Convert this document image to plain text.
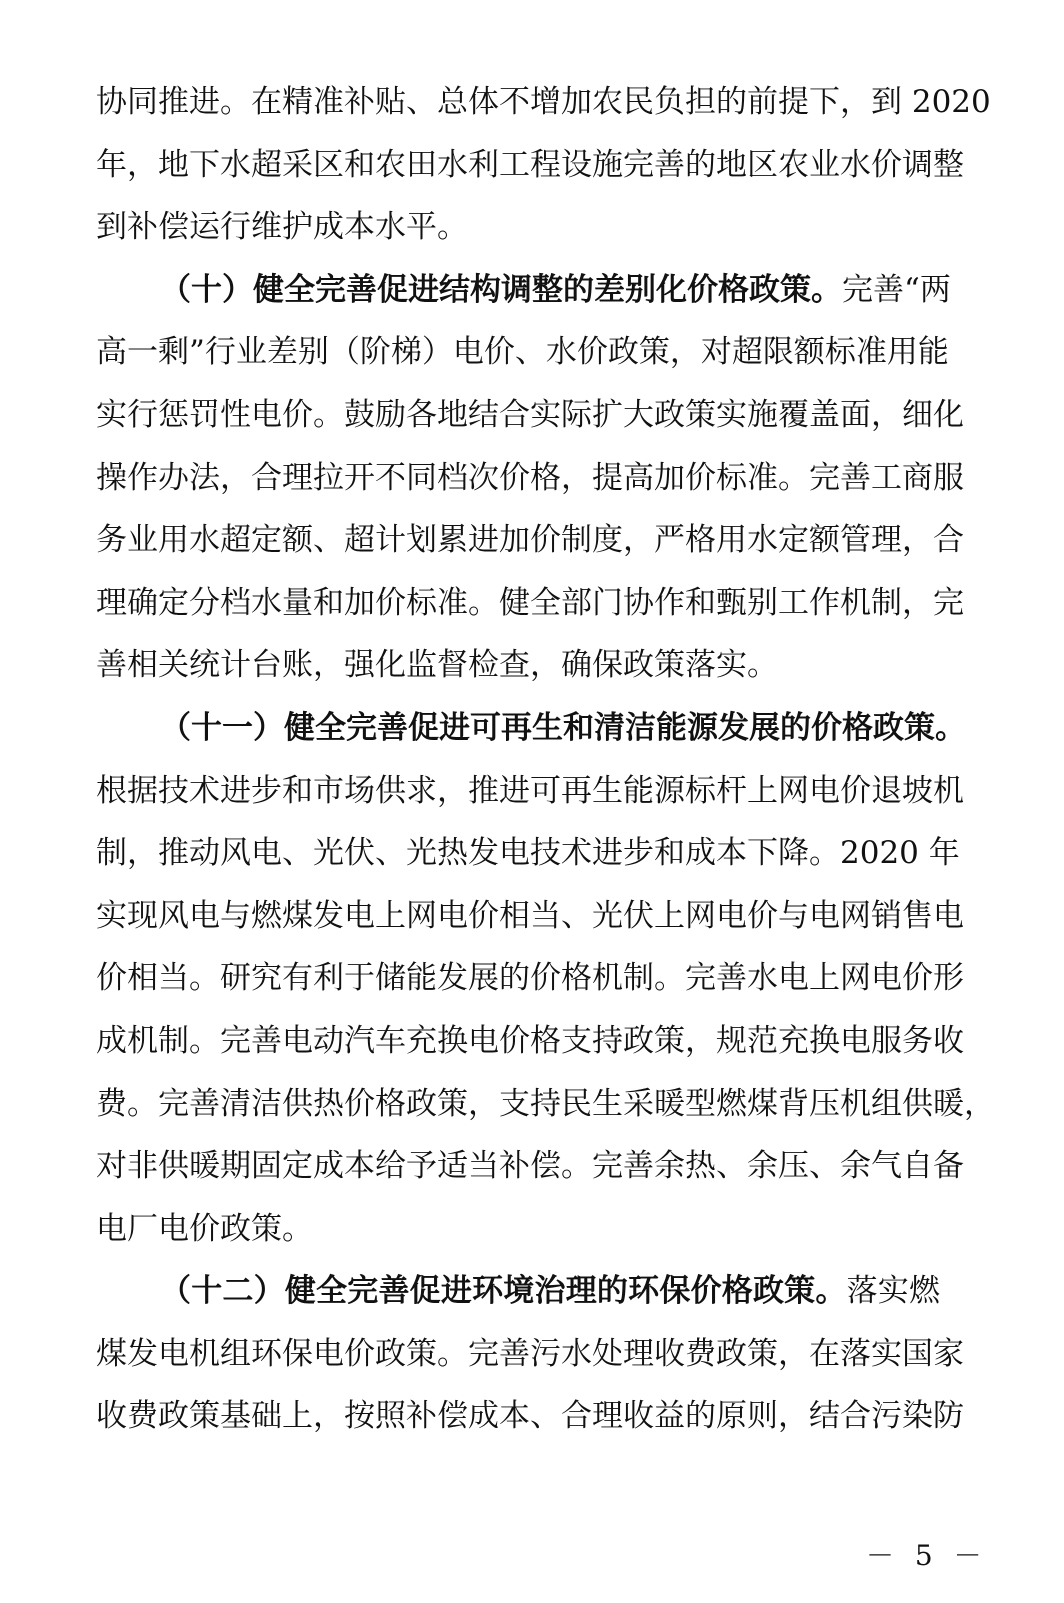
协同推进。在精准补贴、总体不增加农民负担的前提下，到 2020
年，地下水超采区和农田水利工程设施完善的地区农业水价调整
到补偿运行维护成本水平。
（十）健全完善促进结构调整的差别化价格政策。完善“两
高一剩”行业差别（阶梯）电价、水价政策，对超限额标准用能
实行惩罚性电价。鼓励各地结合实际扩大政策实施覆盖面，细化
操作办法，合理拉开不同档次价格，提高加价标准。完善工商服
务业用水超定额、超计划累进加价制度，严格用水定额管理，合
理确定分档水量和加价标准。健全部门协作和甄别工作机制，完
善相关统计台账，强化监督检查，确保政策落实。
（十一）健全完善促进可再生和清洁能源发展的价格政策。
根据技术进步和市场供求，推进可再生能源标杆上网电价退坡机
制，推动风电、光伏、光热发电技术进步和成本下降。2020 年
实现风电与燃煤发电上网电价相当、光伏上网电价与电网销售电
价相当。研究有利于储能发展的价格机制。完善水电上网电价形
成机制。完善电动汽车充换电价格支持政策，规范充换电服务收
费。完善清洁供热价格政策，支持民生采暖型燃煤背压机组供暖，
对非供暖期固定成本给予适当补偿。完善余热、余压、余气自备
电厂电价政策。
（十二）健全完善促进环境治理的环保价格政策。落实燃
煤发电机组环保电价政策。完善污水处理收费政策，在落实国家
收费政策基础上，按照补偿成本、合理收益的原则，结合污染防
－ 5 －
